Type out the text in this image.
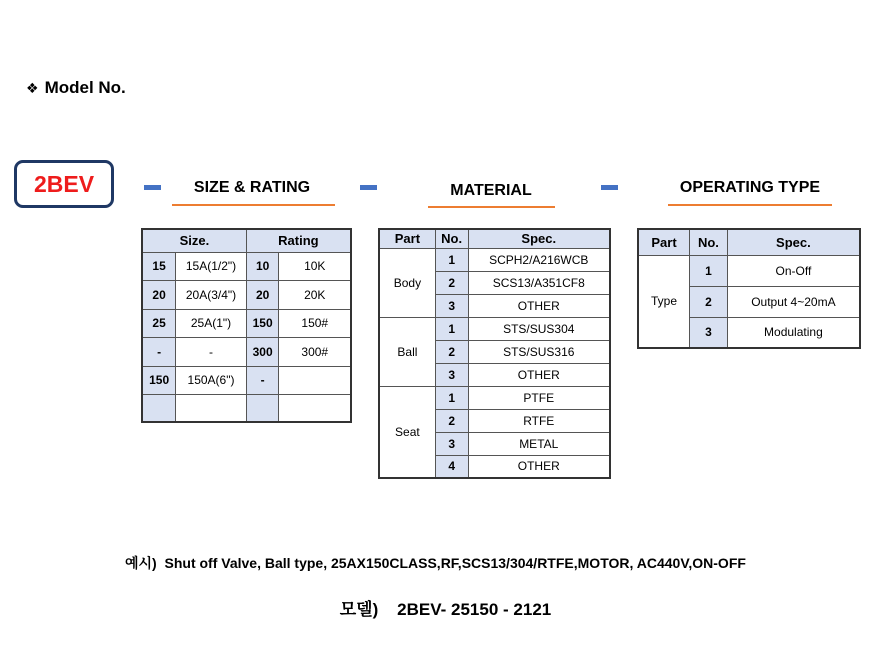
❖ Model No.
2BEV	SIZE & RATING	MATERIAL	OPERATING TYPE
Size.		Rating	
15	15A(1/2")	10	10K
20	20A(3/4")	20	20K
25	25A(1")	150	150#
-	-	300	300#
150	150A(6")	-	

Part	No.	Spec.
Body	1	SCPH2/A216WCB
	2	SCS13/A351CF8
	3	OTHER
Ball	1	STS/SUS304
	2	STS/SUS316
	3	OTHER
Seat	1	PTFE
	2	RTFE
	3	METAL
	4	OTHER
Part	No.	Spec.
Type	1	On-Off
	2	Output 4~20mA
	3	Modulating
예시) Shut off Valve, Ball type, 25AX150CLASS,RF,SCS13/304/RTFE,MOTOR, AC440V,ON-OFF
모델) 2BEV- 25150 - 2121
